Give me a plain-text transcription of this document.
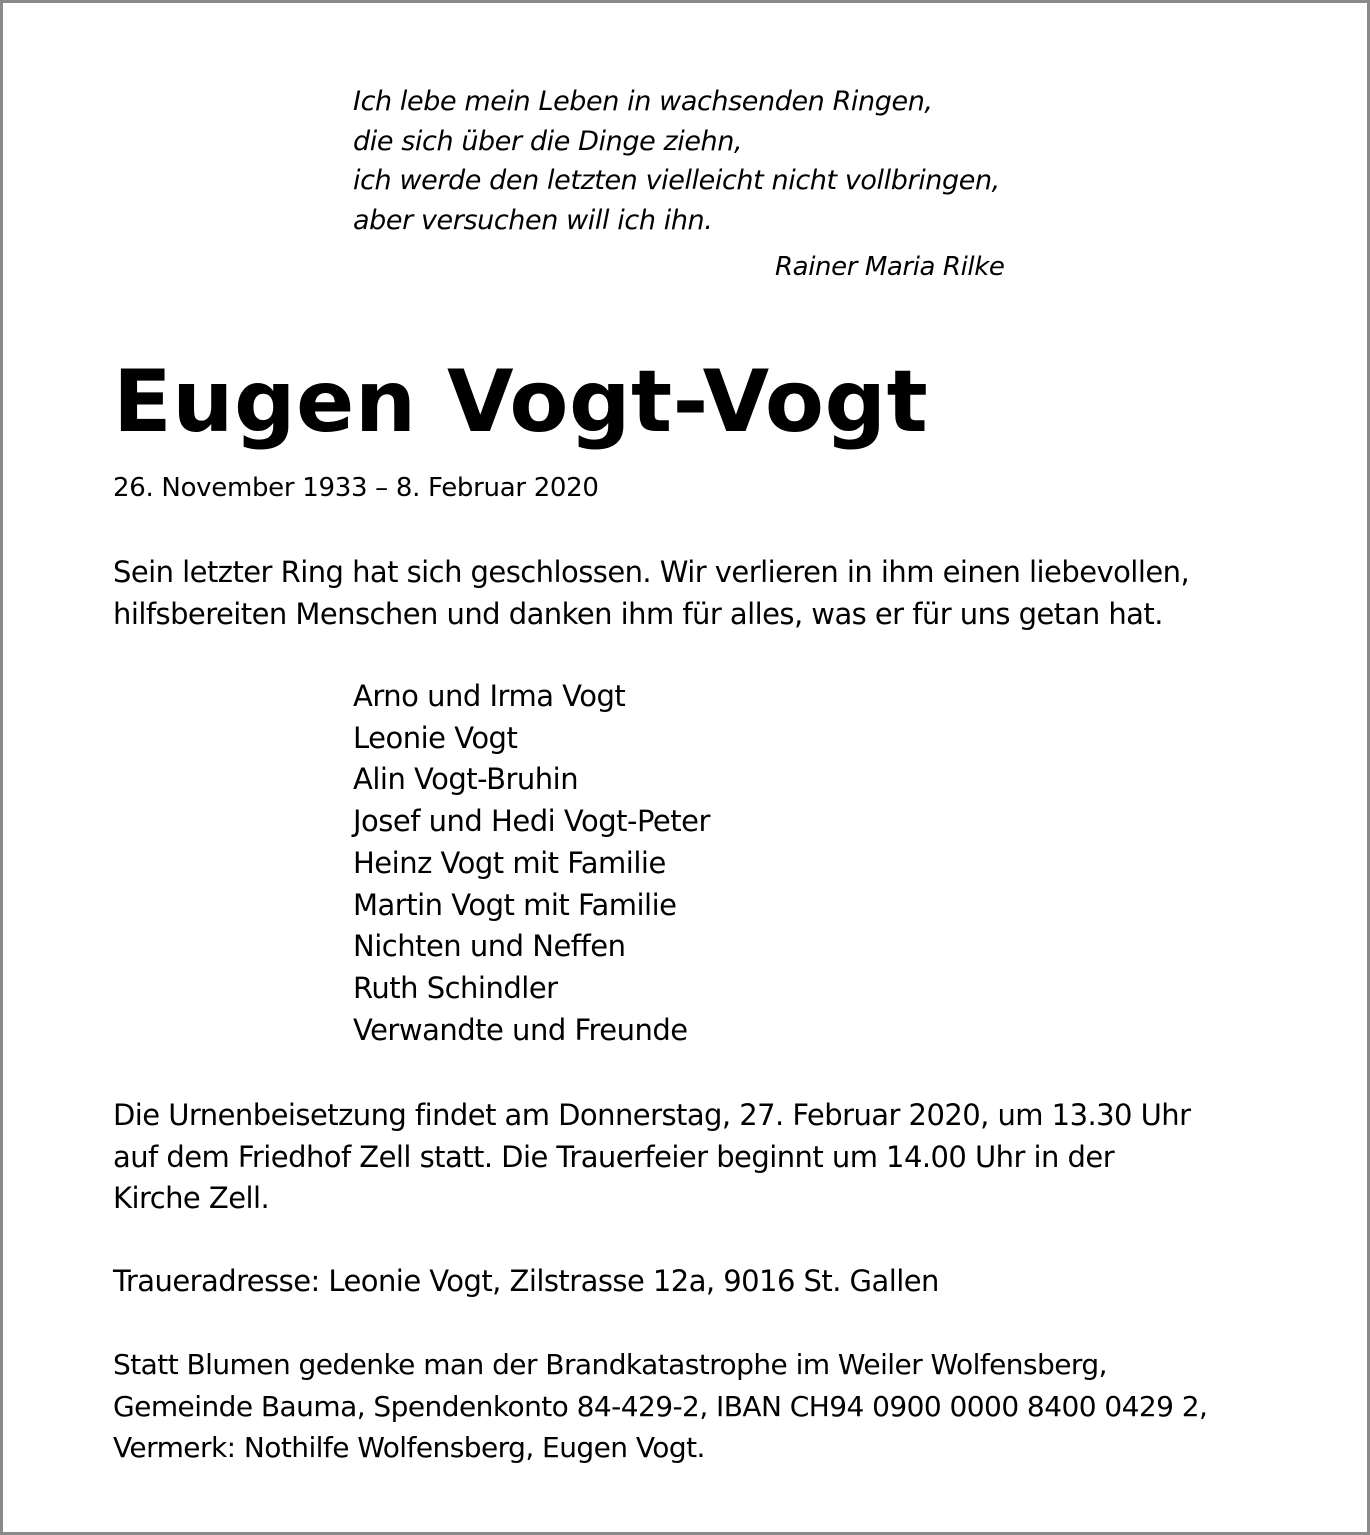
Ich lebe mein Leben in wachsenden Ringen,
die sich über die Dinge ziehn,
ich werde den letzten vielleicht nicht vollbringen,
aber versuchen will ich ihn.
Rainer Maria Rilke
Eugen Vogt-Vogt
26. November 1933 – 8. Februar 2020
Sein letzter Ring hat sich geschlossen. Wir verlieren in ihm einen liebevollen,
hilfsbereiten Menschen und danken ihm für alles, was er für uns getan hat.
Arno und Irma Vogt
Leonie Vogt
Alin Vogt-Bruhin
Josef und Hedi Vogt-Peter
Heinz Vogt mit Familie
Martin Vogt mit Familie
Nichten und Neffen
Ruth Schindler
Verwandte und Freunde
Die Urnenbeisetzung findet am Donnerstag, 27. Februar 2020, um 13.30 Uhr
auf dem Friedhof Zell statt. Die Trauerfeier beginnt um 14.00 Uhr in der
Kirche Zell.
Traueradresse: Leonie Vogt, Zilstrasse 12a, 9016 St. Gallen
Statt Blumen gedenke man der Brandkatastrophe im Weiler Wolfensberg,
Gemeinde Bauma, Spendenkonto 84-429-2, IBAN CH94 0900 0000 8400 0429 2,
Vermerk: Nothilfe Wolfensberg, Eugen Vogt.
